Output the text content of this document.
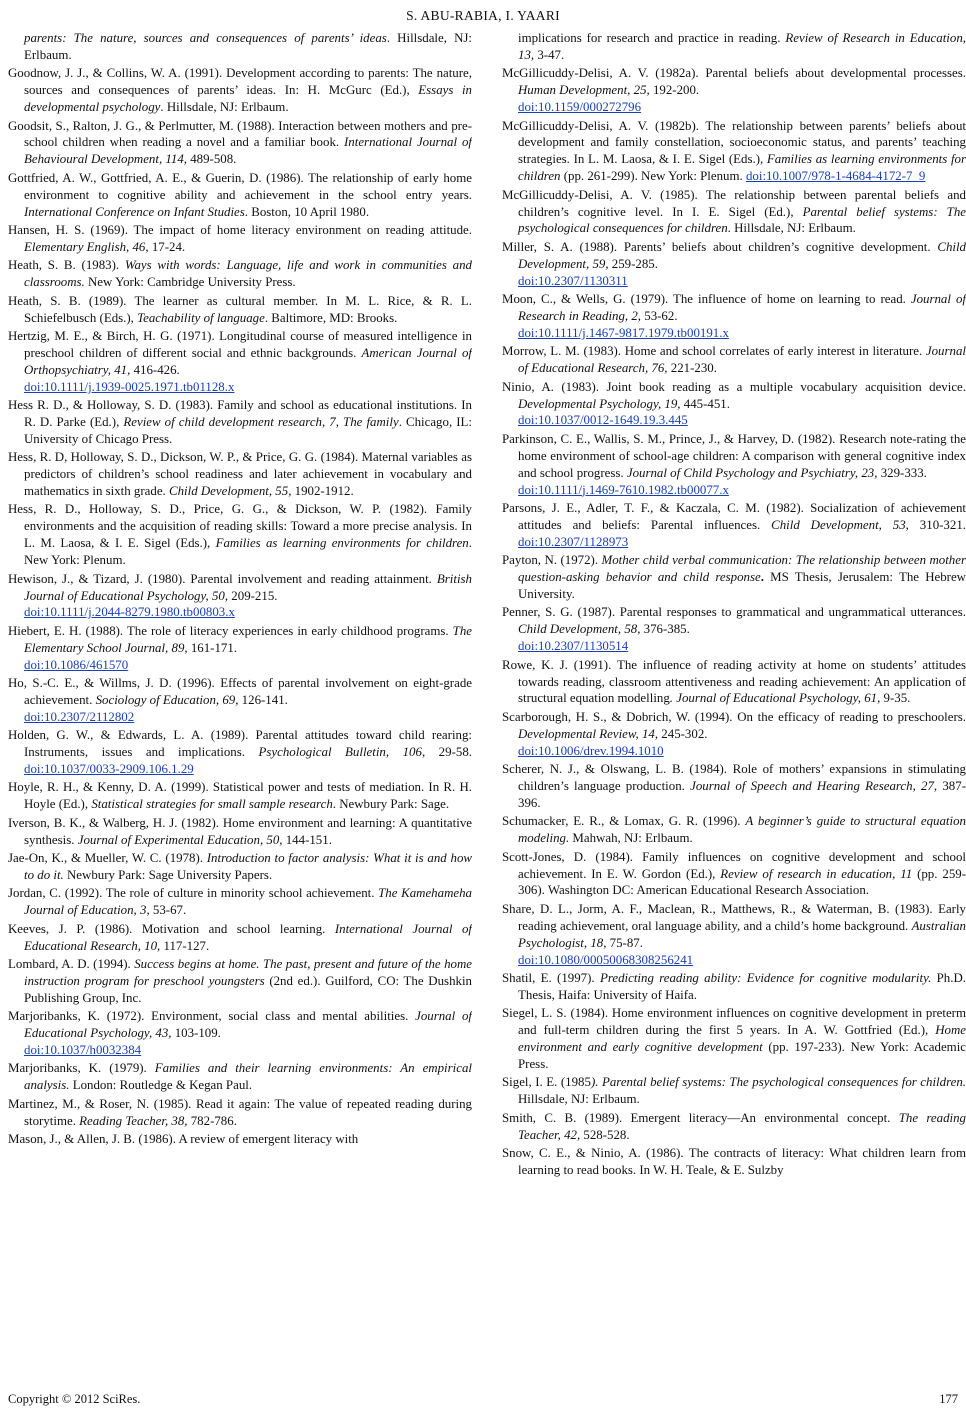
S. ABU-RABIA, I. YAARI

parents: The nature, sources and consequences of parents’ ideas. Hillsdale, NJ: Erlbaum.

Goodnow, J. J., & Collins, W. A. (1991). Development according to parents: The nature, sources and consequences of parents’ ideas. In: H. McGurc (Ed.), Essays in developmental psychology. Hillsdale, NJ: Erlbaum.

Goodsit, S., Ralton, J. G., & Perlmutter, M. (1988). Interaction between mothers and pre-school children when reading a novel and a familiar book. International Journal of Behavioural Development, 114, 489-508.

Gottfried, A. W., Gottfried, A. E., & Guerin, D. (1986). The relationship of early home environment to cognitive ability and achievement in the school entry years. International Conference on Infant Studies. Boston, 10 April 1980.

Hansen, H. S. (1969). The impact of home literacy environment on reading attitude. Elementary English, 46, 17-24.

Heath, S. B. (1983). Ways with words: Language, life and work in communities and classrooms. New York: Cambridge University Press.

Heath, S. B. (1989). The learner as cultural member. In M. L. Rice, & R. L. Schiefelbusch (Eds.), Teachability of language. Baltimore, MD: Brooks.

Hertzig, M. E., & Birch, H. G. (1971). Longitudinal course of measured intelligence in preschool children of different social and ethnic backgrounds. American Journal of Orthopsychiatry, 41, 416-426.
doi:10.1111/j.1939-0025.1971.tb01128.x

Hess R. D., & Holloway, S. D. (1983). Family and school as educational institutions. In R. D. Parke (Ed.), Review of child development research, 7, The family. Chicago, IL: University of Chicago Press.

Hess, R. D, Holloway, S. D., Dickson, W. P., & Price, G. G. (1984). Maternal variables as predictors of children’s school readiness and later achievement in vocabulary and mathematics in sixth grade. Child Development, 55, 1902-1912.

Hess, R. D., Holloway, S. D., Price, G. G., & Dickson, W. P. (1982). Family environments and the acquisition of reading skills: Toward a more precise analysis. In L. M. Laosa, & I. E. Sigel (Eds.), Families as learning environments for children. New York: Plenum.

Hewison, J., & Tizard, J. (1980). Parental involvement and reading attainment. British Journal of Educational Psychology, 50, 209-215.
doi:10.1111/j.2044-8279.1980.tb00803.x

Hiebert, E. H. (1988). The role of literacy experiences in early childhood programs. The Elementary School Journal, 89, 161-171.
doi:10.1086/461570

Ho, S.-C. E., & Willms, J. D. (1996). Effects of parental involvement on eight-grade achievement. Sociology of Education, 69, 126-141.
doi:10.2307/2112802

Holden, G. W., & Edwards, L. A. (1989). Parental attitudes toward child rearing: Instruments, issues and implications. Psychological Bulletin, 106, 29-58. doi:10.1037/0033-2909.106.1.29

Hoyle, R. H., & Kenny, D. A. (1999). Statistical power and tests of mediation. In R. H. Hoyle (Ed.), Statistical strategies for small sample research. Newbury Park: Sage.

Iverson, B. K., & Walberg, H. J. (1982). Home environment and learning: A quantitative synthesis. Journal of Experimental Education, 50, 144-151.

Jae-On, K., & Mueller, W. C. (1978). Introduction to factor analysis: What it is and how to do it. Newbury Park: Sage University Papers.

Jordan, C. (1992). The role of culture in minority school achievement. The Kamehameha Journal of Education, 3, 53-67.

Keeves, J. P. (1986). Motivation and school learning. International Journal of Educational Research, 10, 117-127.

Lombard, A. D. (1994). Success begins at home. The past, present and future of the home instruction program for preschool youngsters (2nd ed.). Guilford, CO: The Dushkin Publishing Group, Inc.

Marjoribanks, K. (1972). Environment, social class and mental abilities. Journal of Educational Psychology, 43, 103-109.
doi:10.1037/h0032384

Marjoribanks, K. (1979). Families and their learning environments: An empirical analysis. London: Routledge & Kegan Paul.

Martinez, M., & Roser, N. (1985). Read it again: The value of repeated reading during storytime. Reading Teacher, 38, 782-786.

Mason, J., & Allen, J. B. (1986). A review of emergent literacy with

implications for research and practice in reading. Review of Research in Education, 13, 3-47.

McGillicuddy-Delisi, A. V. (1982a). Parental beliefs about developmental processes. Human Development, 25, 192-200.
doi:10.1159/000272796

McGillicuddy-Delisi, A. V. (1982b). The relationship between parents’ beliefs about development and family constellation, socioeconomic status, and parents’ teaching strategies. In L. M. Laosa, & I. E. Sigel (Eds.), Families as learning environments for children (pp. 261-299). New York: Plenum. doi:10.1007/978-1-4684-4172-7_9

McGillicuddy-Delisi, A. V. (1985). The relationship between parental beliefs and children’s cognitive level. In I. E. Sigel (Ed.), Parental belief systems: The psychological consequences for children. Hillsdale, NJ: Erlbaum.

Miller, S. A. (1988). Parents’ beliefs about children’s cognitive development. Child Development, 59, 259-285.
doi:10.2307/1130311

Moon, C., & Wells, G. (1979). The influence of home on learning to read. Journal of Research in Reading, 2, 53-62.
doi:10.1111/j.1467-9817.1979.tb00191.x

Morrow, L. M. (1983). Home and school correlates of early interest in literature. Journal of Educational Research, 76, 221-230.

Ninio, A. (1983). Joint book reading as a multiple vocabulary acquisition device. Developmental Psychology, 19, 445-451.
doi:10.1037/0012-1649.19.3.445

Parkinson, C. E., Wallis, S. M., Prince, J., & Harvey, D. (1982). Research note-rating the home environment of school-age children: A comparison with general cognitive index and school progress. Journal of Child Psychology and Psychiatry, 23, 329-333.
doi:10.1111/j.1469-7610.1982.tb00077.x

Parsons, J. E., Adler, T. F., & Kaczala, C. M. (1982). Socialization of achievement attitudes and beliefs: Parental influences. Child Development, 53, 310-321. doi:10.2307/1128973

Payton, N. (1972). Mother child verbal communication: The relationship between mother question-asking behavior and child response. MS Thesis, Jerusalem: The Hebrew University.

Penner, S. G. (1987). Parental responses to grammatical and ungrammatical utterances. Child Development, 58, 376-385.
doi:10.2307/1130514

Rowe, K. J. (1991). The influence of reading activity at home on students’ attitudes towards reading, classroom attentiveness and reading achievement: An application of structural equation modelling. Journal of Educational Psychology, 61, 9-35.

Scarborough, H. S., & Dobrich, W. (1994). On the efficacy of reading to preschoolers. Developmental Review, 14, 245-302.
doi:10.1006/drev.1994.1010

Scherer, N. J., & Olswang, L. B. (1984). Role of mothers’ expansions in stimulating children’s language production. Journal of Speech and Hearing Research, 27, 387-396.

Schumacker, E. R., & Lomax, G. R. (1996). A beginner’s guide to structural equation modeling. Mahwah, NJ: Erlbaum.

Scott-Jones, D. (1984). Family influences on cognitive development and school achievement. In E. W. Gordon (Ed.), Review of research in education, 11 (pp. 259-306). Washington DC: American Educational Research Association.

Share, D. L., Jorm, A. F., Maclean, R., Matthews, R., & Waterman, B. (1983). Early reading achievement, oral language ability, and a child’s home background. Australian Psychologist, 18, 75-87.
doi:10.1080/00050068308256241

Shatil, E. (1997). Predicting reading ability: Evidence for cognitive modularity. Ph.D. Thesis, Haifa: University of Haifa.

Siegel, L. S. (1984). Home environment influences on cognitive development in preterm and full-term children during the first 5 years. In A. W. Gottfried (Ed.), Home environment and early cognitive development (pp. 197-233). New York: Academic Press.

Sigel, I. E. (1985). Parental belief systems: The psychological consequences for children. Hillsdale, NJ: Erlbaum.

Smith, C. B. (1989). Emergent literacy—An environmental concept. The reading Teacher, 42, 528-528.

Snow, C. E., & Ninio, A. (1986). The contracts of literacy: What children learn from learning to read books. In W. H. Teale, & E. Sulzby

Copyright © 2012 SciRes.	177
